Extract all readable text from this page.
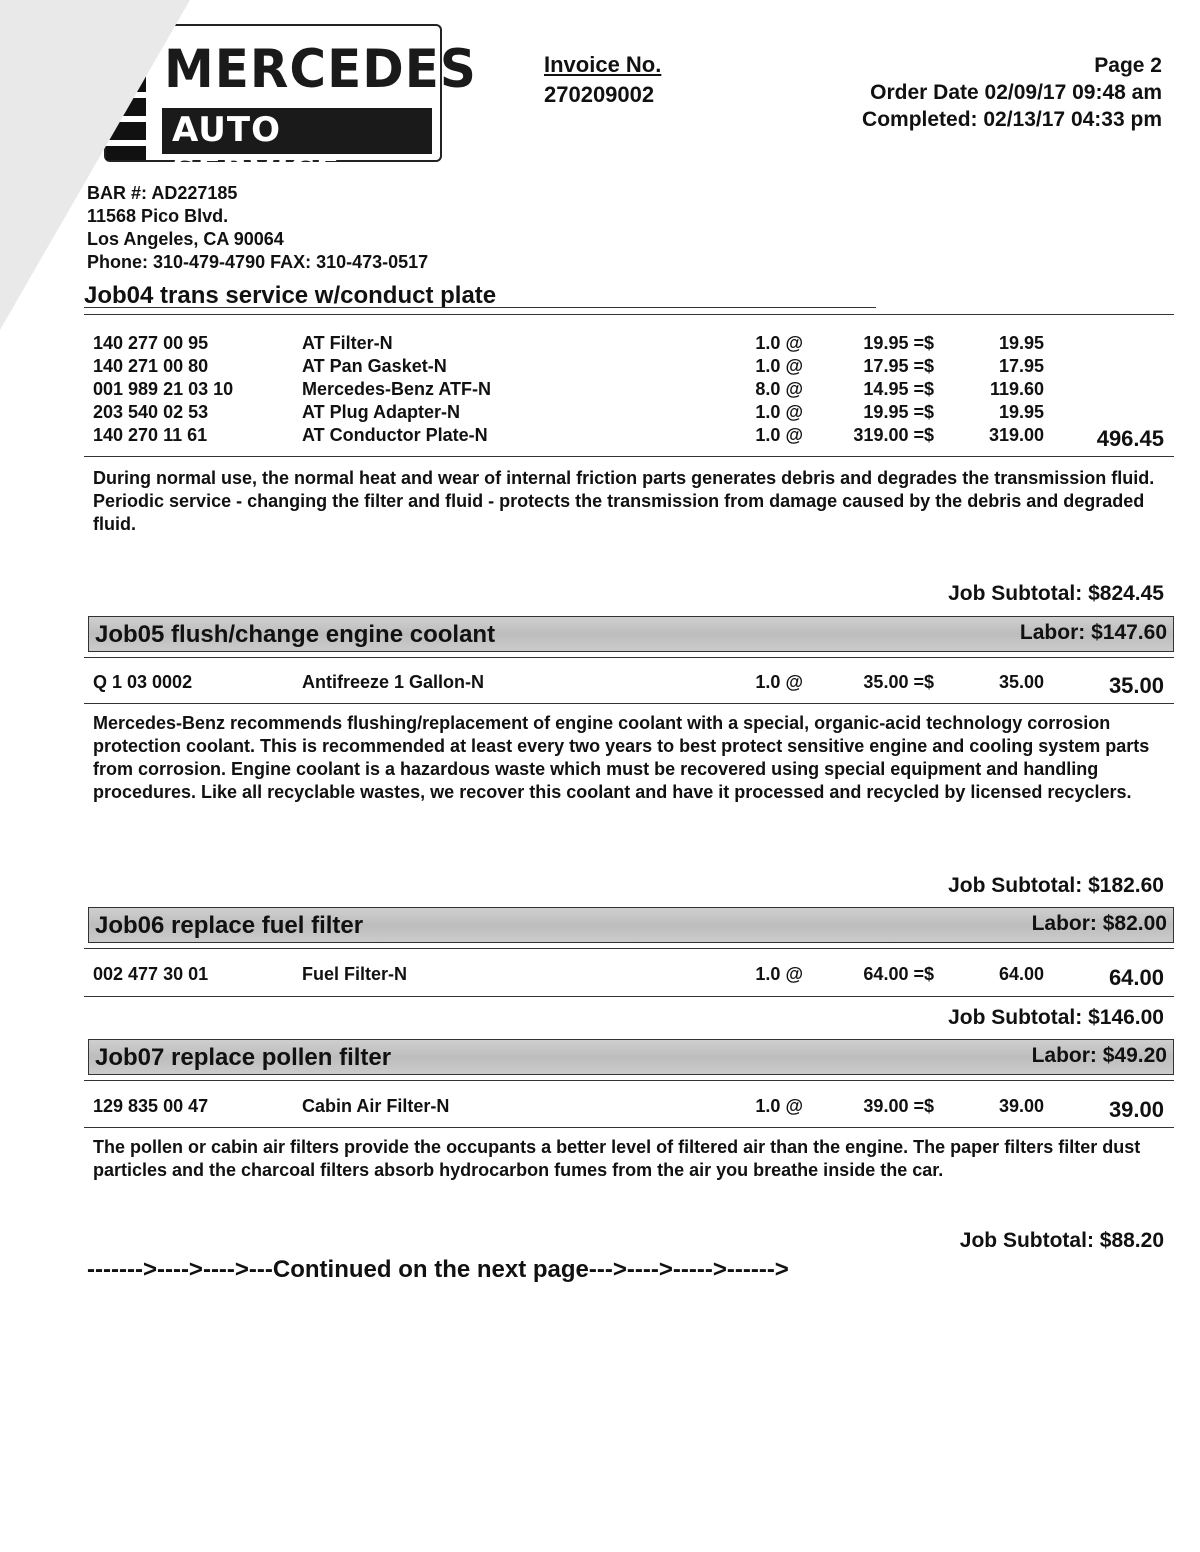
MERCEDES
AUTO SERVICE
Invoice No.
270209002
Page 2
Order Date 02/09/17 09:48 am
Completed: 02/13/17 04:33 pm
BAR #: AD227185
11568 Pico Blvd.
Los Angeles, CA 90064
Phone: 310-479-4790 FAX: 310-473-0517
Job04 trans service w/conduct plate
140 277 00 95	AT Filter-N	1.0 @	19.95 =$	19.95
140 271 00 80	AT Pan Gasket-N	1.0 @	17.95 =$	17.95
001 989 21 03 10	Mercedes-Benz ATF-N	8.0 @	14.95 =$	119.60
203 540 02 53	AT Plug Adapter-N	1.0 @	19.95 =$	19.95
140 270 11 61	AT Conductor Plate-N	1.0 @	319.00 =$	319.00	496.45
During normal use, the normal heat and wear of internal friction parts generates debris and degrades the transmission fluid. Periodic service - changing the filter and fluid - protects the transmission from damage caused by the debris and degraded fluid.
Job Subtotal: $824.45
Job05 flush/change engine coolant	Labor: $147.60
Q 1 03 0002	Antifreeze 1 Gallon-N	1.0 @	35.00 =$	35.00	35.00
Mercedes-Benz recommends flushing/replacement of engine coolant with a special, organic-acid technology corrosion protection coolant. This is recommended at least every two years to best protect sensitive engine and cooling system parts from corrosion. Engine coolant is a hazardous waste which must be recovered using special equipment and handling procedures. Like all recyclable wastes, we recover this coolant and have it processed and recycled by licensed recyclers.
Job Subtotal: $182.60
Job06 replace fuel filter	Labor: $82.00
002 477 30 01	Fuel Filter-N	1.0 @	64.00 =$	64.00	64.00
Job Subtotal: $146.00
Job07 replace pollen filter	Labor: $49.20
129 835 00 47	Cabin Air Filter-N	1.0 @	39.00 =$	39.00	39.00
The pollen or cabin air filters provide the occupants a better level of filtered air than the engine. The paper filters filter dust particles and the charcoal filters absorb hydrocarbon fumes from the air you breathe inside the car.
Job Subtotal: $88.20
------->---->---->---Continued on the next page--->---->----->------>
